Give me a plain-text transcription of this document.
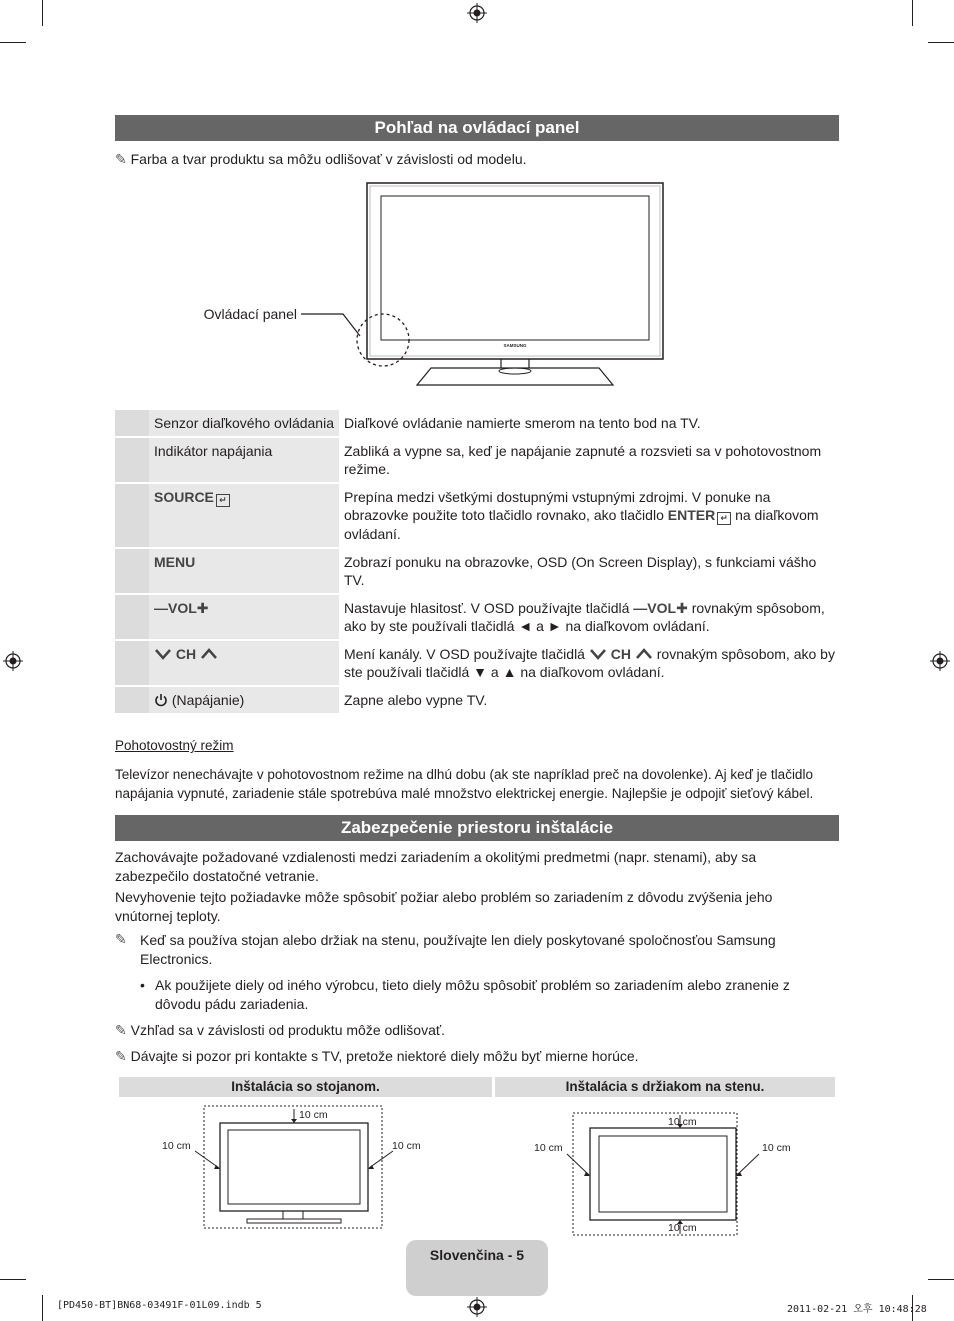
Pohľad na ovládací panel
✎ Farba a tvar produktu sa môžu odlišovať v závislosti od modelu.
SAMSUNG
Ovládací panel
	Senzor diaľkového ovládania	Diaľkové ovládanie namierte smerom na tento bod na TV.
	Indikátor napájania	Zabliká a vypne sa, keď je napájanie zapnuté a rozsvieti sa v pohotovostnom režime.
	SOURCE ↵	Prepína medzi všetkými dostupnými vstupnými zdrojmi. V ponuke na obrazovke použite toto tlačidlo rovnako, ako tlačidlo ENTER ↵ na diaľkovom ovládaní.
	MENU	Zobrazí ponuku na obrazovke, OSD (On Screen Display), s funkciami vášho TV.
	—VOL✚	Nastavuje hlasitosť. V OSD používajte tlačidlá —VOL✚ rovnakým spôsobom, ako by ste používali tlačidlá ◄ a ► na diaľkovom ovládaní.
	CH	Mení kanály. V OSD používajte tlačidlá CH rovnakým spôsobom, ako by ste používali tlačidlá ▼ a ▲ na diaľkovom ovládaní.
	(Napájanie)	Zapne alebo vypne TV.
Pohotovostný režim
Televízor nenechávajte v pohotovostnom režime na dlhú dobu (ak ste napríklad preč na dovolenke). Aj keď je tlačidlo napájania vypnuté, zariadenie stále spotrebúva malé množstvo elektrickej energie. Najlepšie je odpojiť sieťový kábel.
Zabezpečenie priestoru inštalácie
Zachovávajte požadované vzdialenosti medzi zariadením a okolitými predmetmi (napr. stenami), aby sa zabezpečilo dostatočné vetranie.
Nevyhovenie tejto požiadavke môže spôsobiť požiar alebo problém so zariadením z dôvodu zvýšenia jeho vnútornej teploty.
✎ Keď sa používa stojan alebo držiak na stenu, používajte len diely poskytované spoločnosťou Samsung Electronics.
• Ak použijete diely od iného výrobcu, tieto diely môžu spôsobiť problém so zariadením alebo zranenie z dôvodu pádu zariadenia.
✎ Vzhľad sa v závislosti od produktu môže odlišovať.
✎ Dávajte si pozor pri kontakte s TV, pretože niektoré diely môžu byť mierne horúce.
Inštalácia so stojanom.	Inštalácia s držiakom na stenu.
10 cm
10 cm	10 cm
10 cm
10 cm
10 cm	10 cm
Slovenčina - 5
[PD450-BT]BN68-03491F-01L09.indb 5	2011-02-21 오후 10:48:28
